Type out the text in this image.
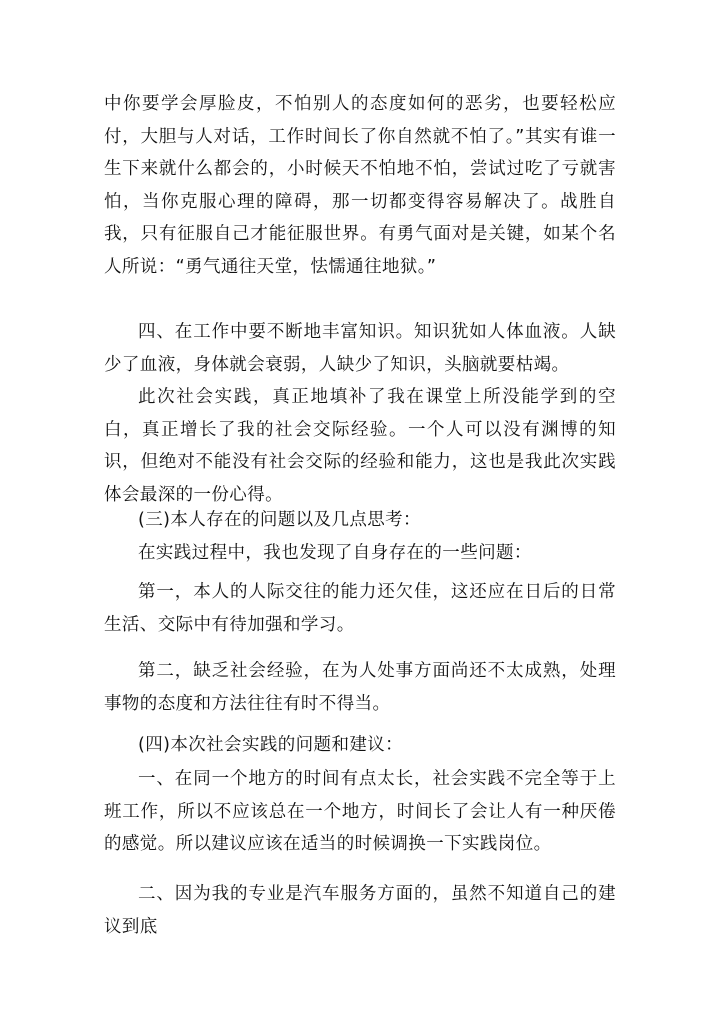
中你要学会厚脸皮，不怕别人的态度如何的恶劣，也要轻松应付，大胆与人对话，工作时间长了你自然就不怕了。”其实有谁一生下来就什么都会的，小时候天不怕地不怕，尝试过吃了亏就害怕，当你克服心理的障碍，那一切都变得容易解决了。战胜自我，只有征服自己才能征服世界。有勇气面对是关键，如某个名人所说：“勇气通往天堂，怯懦通往地狱。”

四、在工作中要不断地丰富知识。知识犹如人体血液。人缺少了血液，身体就会衰弱，人缺少了知识，头脑就要枯竭。

此次社会实践，真正地填补了我在课堂上所没能学到的空白，真正增长了我的社会交际经验。一个人可以没有渊博的知识，但绝对不能没有社会交际的经验和能力，这也是我此次实践体会最深的一份心得。

(三)本人存在的问题以及几点思考：

在实践过程中，我也发现了自身存在的一些问题：

第一，本人的人际交往的能力还欠佳，这还应在日后的日常生活、交际中有待加强和学习。

第二，缺乏社会经验，在为人处事方面尚还不太成熟，处理事物的态度和方法往往有时不得当。

(四)本次社会实践的问题和建议：

一、在同一个地方的时间有点太长，社会实践不完全等于上班工作，所以不应该总在一个地方，时间长了会让人有一种厌倦的感觉。所以建议应该在适当的时候调换一下实践岗位。

二、因为我的专业是汽车服务方面的，虽然不知道自己的建议到底
